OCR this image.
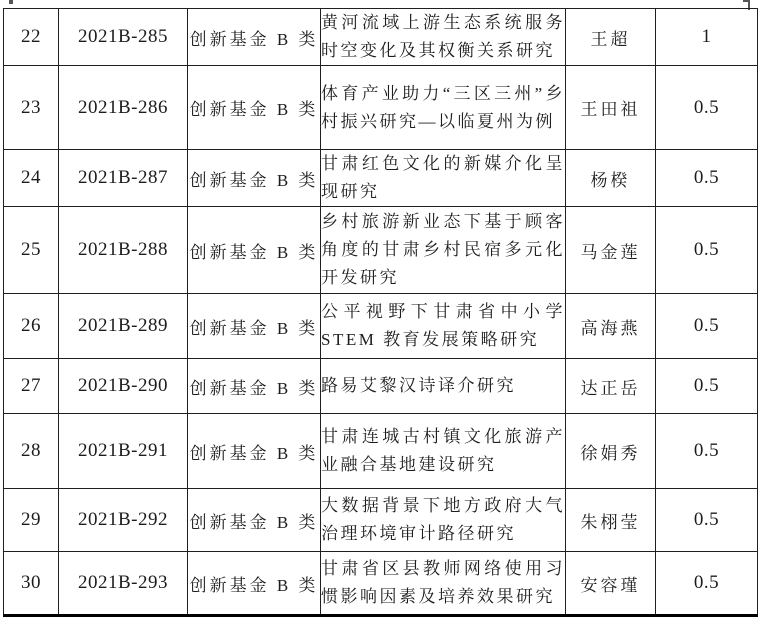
22	2021B-285	创新基金 B 类	黄河流域上游生态系统服务时空变化及其权衡关系研究	王超	1
23	2021B-286	创新基金 B 类	体育产业助力“三区三州”乡村振兴研究—以临夏州为例	王田祖	0.5
24	2021B-287	创新基金 B 类	甘肃红色文化的新媒介化呈现研究	杨楑	0.5
25	2021B-288	创新基金 B 类	乡村旅游新业态下基于顾客角度的甘肃乡村民宿多元化开发研究	马金莲	0.5
26	2021B-289	创新基金 B 类	公平视野下甘肃省中小学STEM 教育发展策略研究	高海燕	0.5
27	2021B-290	创新基金 B 类	路易艾黎汉诗译介研究	达正岳	0.5
28	2021B-291	创新基金 B 类	甘肃连城古村镇文化旅游产业融合基地建设研究	徐娟秀	0.5
29	2021B-292	创新基金 B 类	大数据背景下地方政府大气治理环境审计路径研究	朱栩莹	0.5
30	2021B-293	创新基金 B 类	甘肃省区县教师网络使用习惯影响因素及培养效果研究	安容瑾	0.5
